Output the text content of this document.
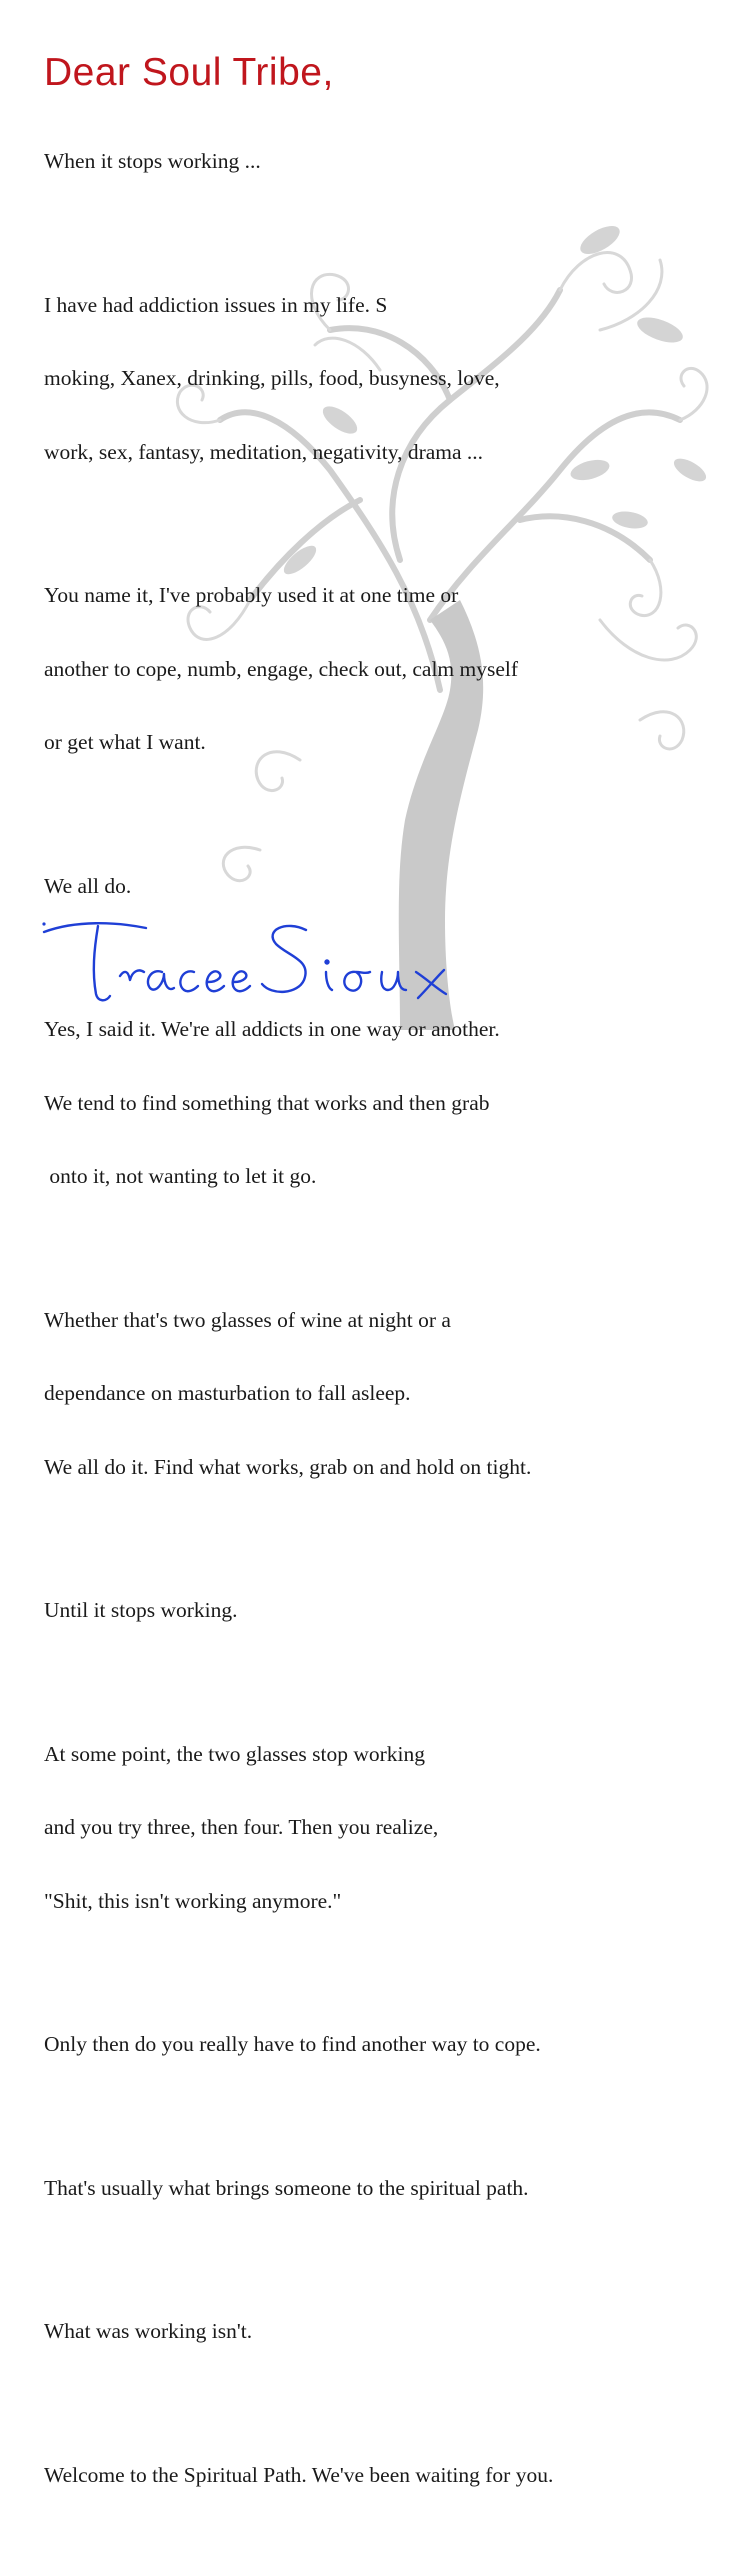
Dear Soul Tribe,

When it stops working ...

I have had addiction issues in my life. S

moking, Xanex, drinking, pills, food, busyness, love,

work, sex, fantasy, meditation, negativity, drama ...

You name it, I've probably used it at one time or

another to cope, numb, engage, check out, calm myself

or get what I want.

We all do.

Yes, I said it. We're all addicts in one way or another.

We tend to find something that works and then grab

onto it, not wanting to let it go.

Whether that's two glasses of wine at night or a

dependance on masturbation to fall asleep.

We all do it. Find what works, grab on and hold on tight.

Until it stops working.

At some point, the two glasses stop working

and you try three, then four. Then you realize,

"Shit, this isn't working anymore."

Only then do you really have to find another way to cope.

That's usually what brings someone to the spiritual path.

What was working isn't.

Welcome to the Spiritual Path. We've been waiting for you.
